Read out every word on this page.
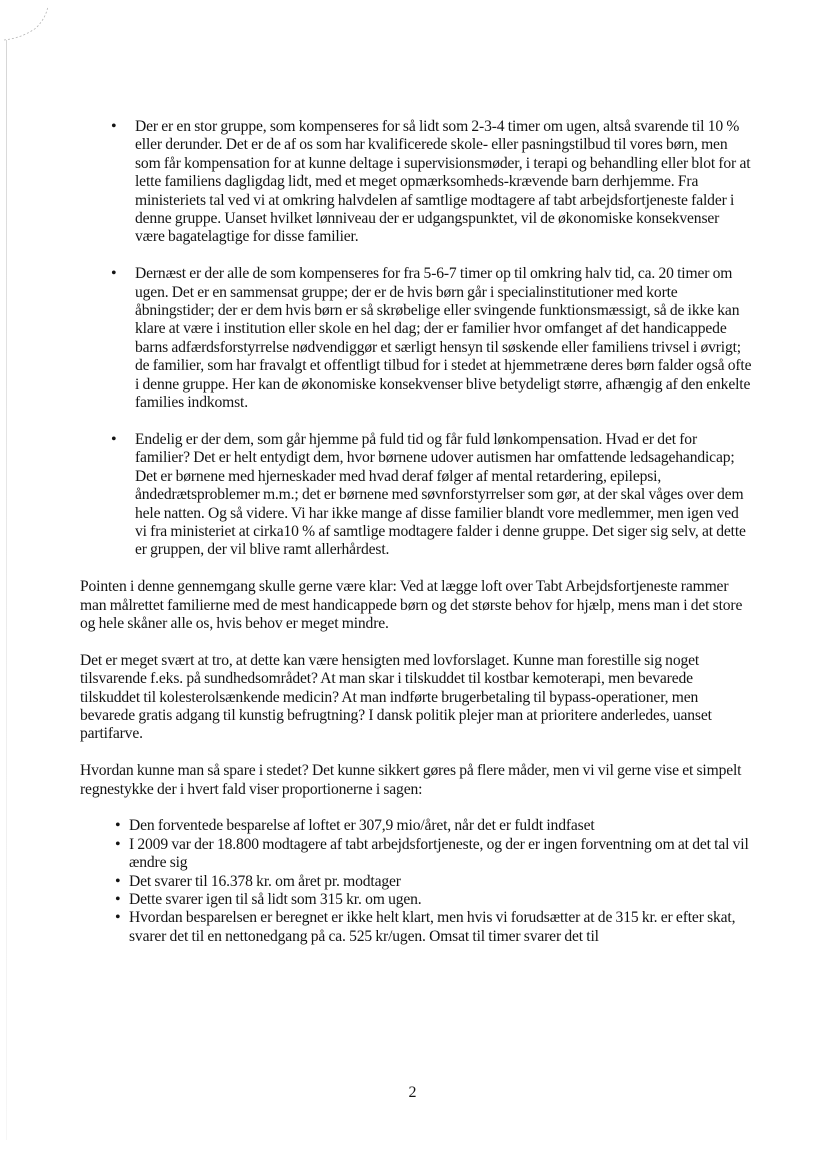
• Der er en stor gruppe, som kompenseres for så lidt som 2-3-4 timer om ugen, altså svarende til 10 % eller derunder. Det er de af os som har kvalificerede skole- eller pasningstilbud til vores børn, men som får kompensation for at kunne deltage i supervisionsmøder, i terapi og behandling eller blot for at lette familiens dagligdag lidt, med et meget opmærksomheds-krævende barn derhjemme. Fra ministeriets tal ved vi at omkring halvdelen af samtlige modtagere af tabt arbejdsfortjeneste falder i denne gruppe. Uanset hvilket lønniveau der er udgangspunktet, vil de økonomiske konsekvenser være bagatelagtige for disse familier.
• Dernæst er der alle de som kompenseres for fra 5-6-7 timer op til omkring halv tid, ca. 20 timer om ugen. Det er en sammensat gruppe; der er de hvis børn går i specialinstitutioner med korte åbningstider; der er dem hvis børn er så skrøbelige eller svingende funktionsmæssigt, så de ikke kan klare at være i institution eller skole en hel dag; der er familier hvor omfanget af det handicappede barns adfærdsforstyrrelse nødvendiggør et særligt hensyn til søskende eller familiens trivsel i øvrigt; de familier, som har fravalgt et offentligt tilbud for i stedet at hjemmetræne deres børn falder også ofte i denne gruppe. Her kan de økonomiske konsekvenser blive betydeligt større, afhængig af den enkelte families indkomst.
• Endelig er der dem, som går hjemme på fuld tid og får fuld lønkompensation. Hvad er det for familier? Det er helt entydigt dem, hvor børnene udover autismen har omfattende ledsagehandicap; Det er børnene med hjerneskader med hvad deraf følger af mental retardering, epilepsi, åndedrætsproblemer m.m.; det er børnene med søvnforstyrrelser som gør, at der skal våges over dem hele natten. Og så videre. Vi har ikke mange af disse familier blandt vore medlemmer, men igen ved vi fra ministeriet at cirka10 % af samtlige modtagere falder i denne gruppe. Det siger sig selv, at dette er gruppen, der vil blive ramt allerhårdest.

Pointen i denne gennemgang skulle gerne være klar: Ved at lægge loft over Tabt Arbejdsfortjeneste rammer man målrettet familierne med de mest handicappede børn og det største behov for hjælp, mens man i det store og hele skåner alle os, hvis behov er meget mindre.

Det er meget svært at tro, at dette kan være hensigten med lovforslaget. Kunne man forestille sig noget tilsvarende f.eks. på sundhedsområdet? At man skar i tilskuddet til kostbar kemoterapi, men bevarede tilskuddet til kolesterolsænkende medicin? At man indførte brugerbetaling til bypass-operationer, men bevarede gratis adgang til kunstig befrugtning? I dansk politik plejer man at prioritere anderledes, uanset partifarve.

Hvordan kunne man så spare i stedet? Det kunne sikkert gøres på flere måder, men vi vil gerne vise et simpelt regnestykke der i hvert fald viser proportionerne i sagen:

• Den forventede besparelse af loftet er 307,9 mio/året, når det er fuldt indfaset
• I 2009 var der 18.800 modtagere af tabt arbejdsfortjeneste, og der er ingen forventning om at det tal vil ændre sig
• Det svarer til 16.378 kr. om året pr. modtager
• Dette svarer igen til så lidt som 315 kr. om ugen.
• Hvordan besparelsen er beregnet er ikke helt klart, men hvis vi forudsætter at de 315 kr. er efter skat, svarer det til en nettonedgang på ca. 525 kr/ugen. Omsat til timer svarer det til
2
